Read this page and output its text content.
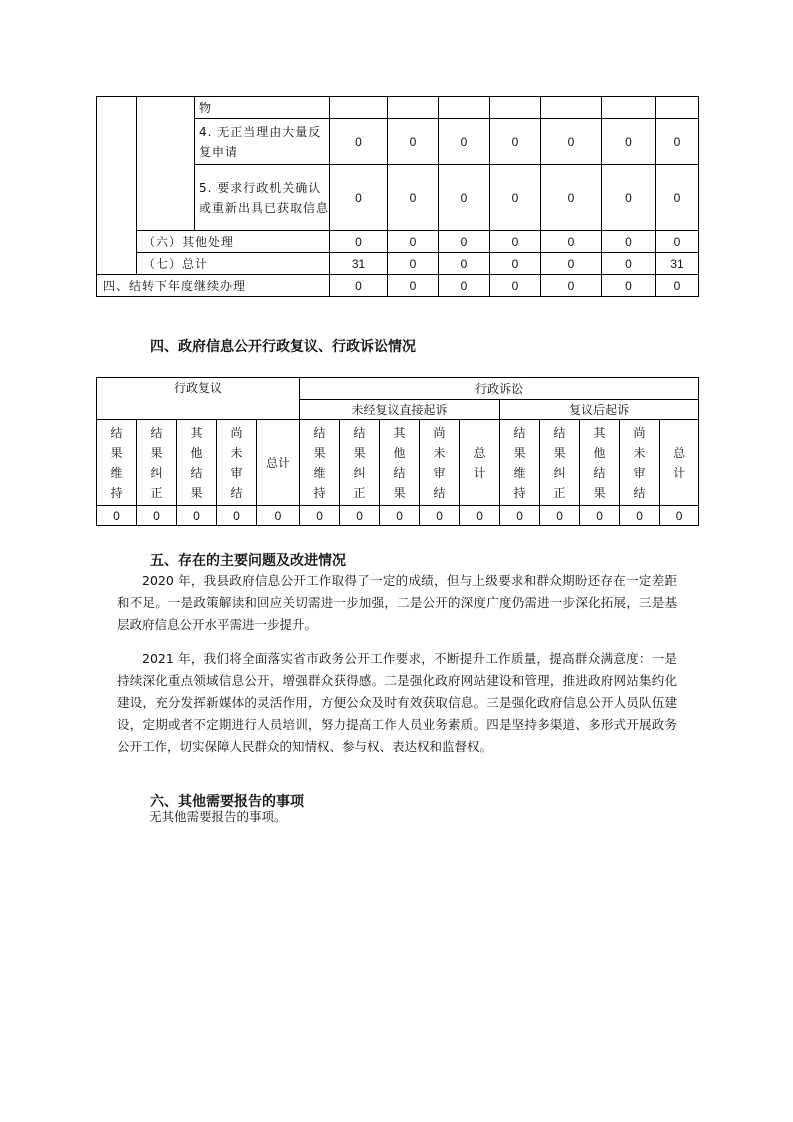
		物							
		4. 无正当理由大量反复申请	0	0	0	0	0	0	0
		5. 要求行政机关确认或重新出具已获取信息	0	0	0	0	0	0	0
	（六）其他处理		0	0	0	0	0	0	0
	（七）总计		31	0	0	0	0	0	31
四、结转下年度继续办理			0	0	0	0	0	0	0
四、政府信息公开行政复议、行政诉讼情况
行政复议					行政诉讼									
					未经复议直接起诉					复议后起诉				

结
果
维
持	结
果
纠
正	其
他
结
果	尚
未
审
结	总计	结
果
维
持	结
果
纠
正	其
他
结
果	尚
未
审
结	总
计	结
果
维
持	结
果
纠
正	其
他
结
果	尚
未
审
结	总
计

0	0	0	0	0	0	0	0	0	0	0	0	0	0	0
五、存在的主要问题及改进情况

2020 年，我县政府信息公开工作取得了一定的成绩，但与上级要求和群众期盼还存在一定差距和不足。一是政策解读和回应关切需进一步加强，二是公开的深度广度仍需进一步深化拓展，三是基层政府信息公开水平需进一步提升。

2021 年，我们将全面落实省市政务公开工作要求，不断提升工作质量，提高群众满意度：一是持续深化重点领域信息公开，增强群众获得感。二是强化政府网站建设和管理，推进政府网站集约化建设，充分发挥新媒体的灵活作用，方便公众及时有效获取信息。三是强化政府信息公开人员队伍建设，定期或者不定期进行人员培训，努力提高工作人员业务素质。四是坚持多渠道、多形式开展政务公开工作，切实保障人民群众的知情权、参与权、表达权和监督权。

六、其他需要报告的事项

无其他需要报告的事项。
